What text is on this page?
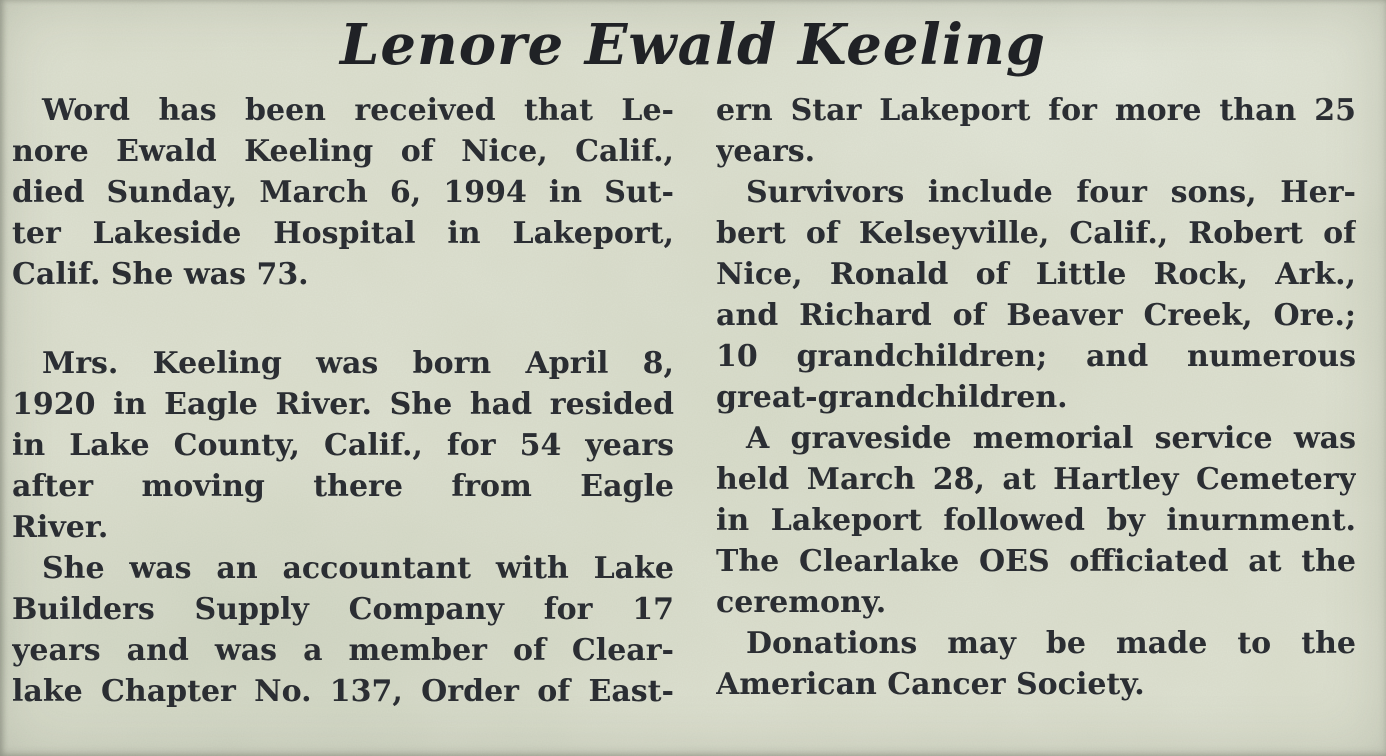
Lenore Ewald Keeling
Word has been received that Le-
nore Ewald Keeling of Nice, Calif.,
died Sunday, March 6, 1994 in Sut-
ter Lakeside Hospital in Lakeport,
Calif. She was 73.
Mrs. Keeling was born April 8,
1920 in Eagle River. She had resided
in Lake County, Calif., for 54 years
after moving there from Eagle
River.
She was an accountant with Lake
Builders Supply Company for 17
years and was a member of Clear-
lake Chapter No. 137, Order of East-
ern Star Lakeport for more than 25
years.
Survivors include four sons, Her-
bert of Kelseyville, Calif., Robert of
Nice, Ronald of Little Rock, Ark.,
and Richard of Beaver Creek, Ore.;
10 grandchildren; and numerous
great-grandchildren.
A graveside memorial service was
held March 28, at Hartley Cemetery
in Lakeport followed by inurnment.
The Clearlake OES officiated at the
ceremony.
Donations may be made to the
American Cancer Society.
